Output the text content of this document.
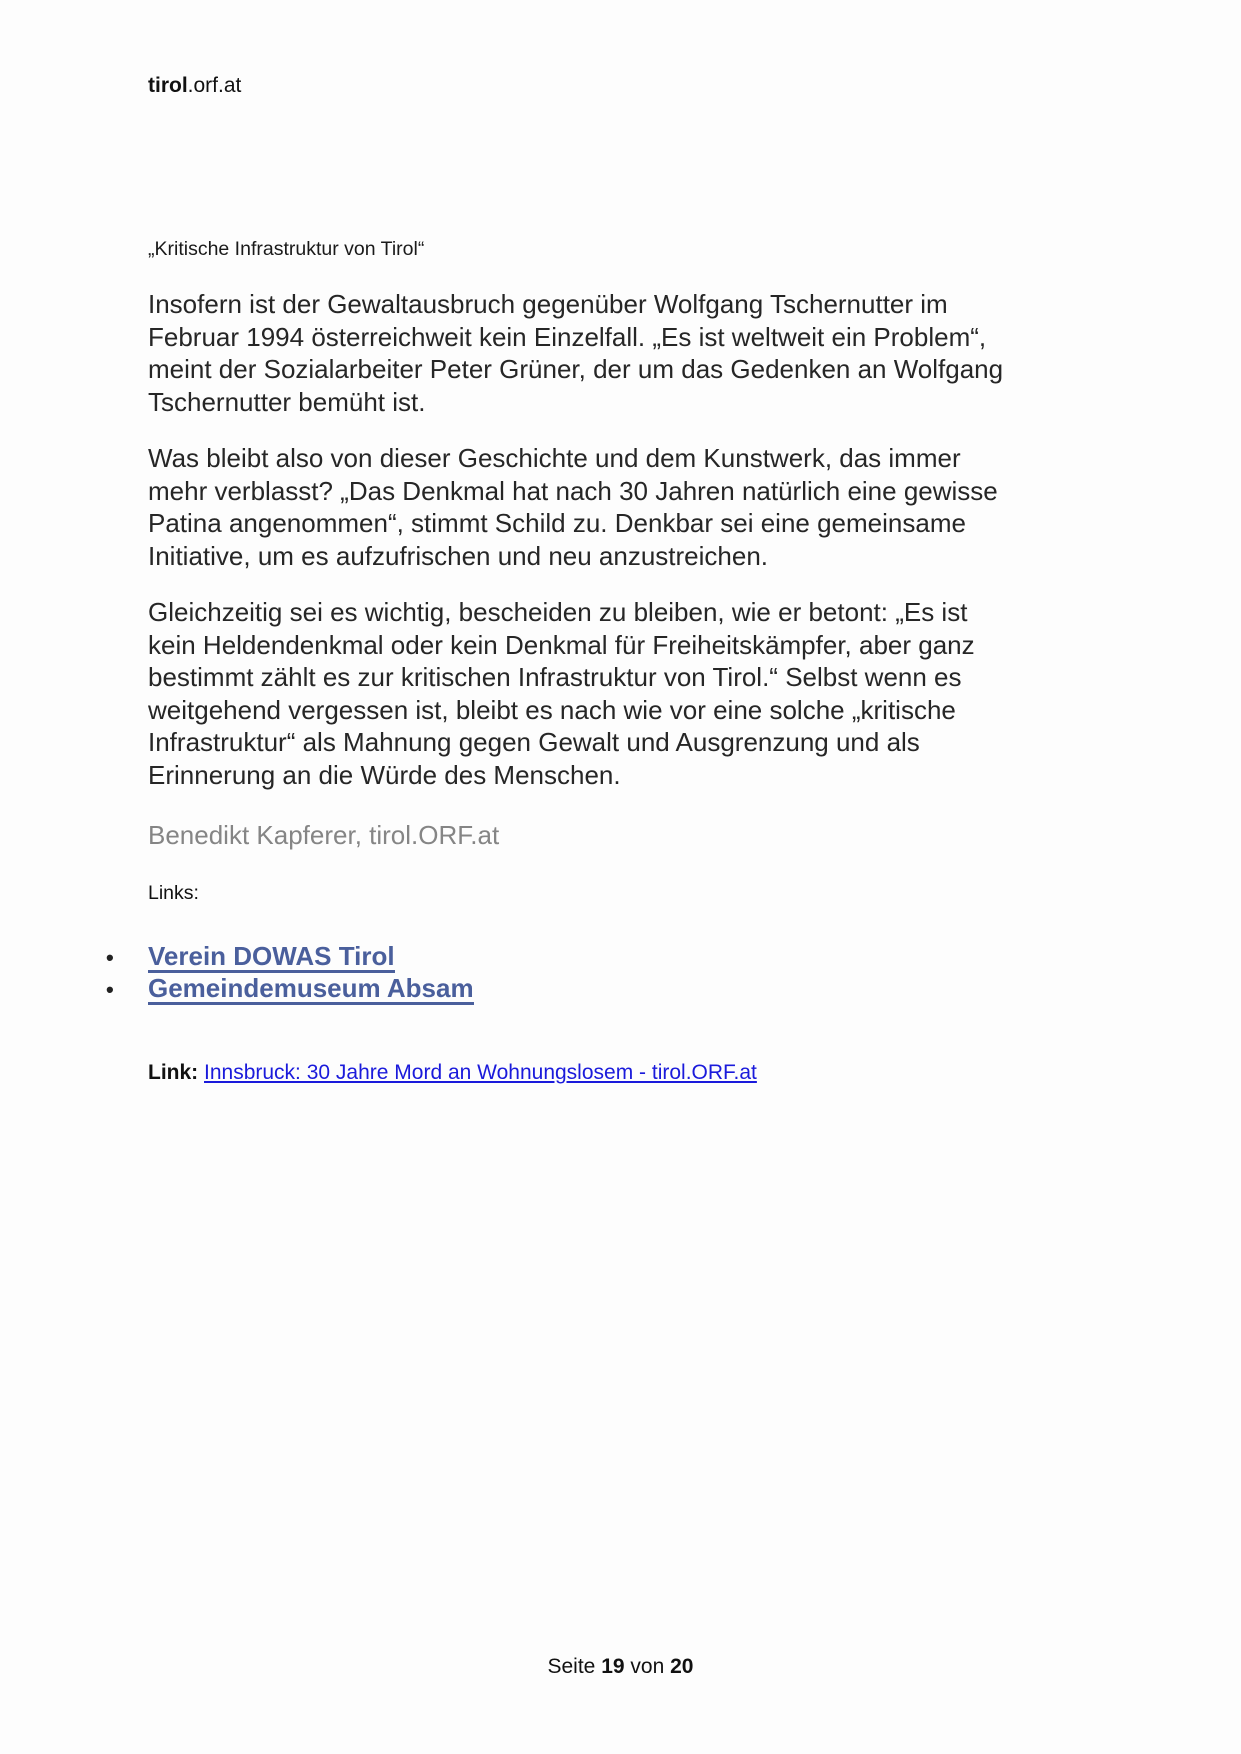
tirol.orf.at
„Kritische Infrastruktur von Tirol“
Insofern ist der Gewaltausbruch gegenüber Wolfgang Tschernutter im
Februar 1994 österreichweit kein Einzelfall. „Es ist weltweit ein Problem“,
meint der Sozialarbeiter Peter Grüner, der um das Gedenken an Wolfgang
Tschernutter bemüht ist.
Was bleibt also von dieser Geschichte und dem Kunstwerk, das immer
mehr verblasst? „Das Denkmal hat nach 30 Jahren natürlich eine gewisse
Patina angenommen“, stimmt Schild zu. Denkbar sei eine gemeinsame
Initiative, um es aufzufrischen und neu anzustreichen.
Gleichzeitig sei es wichtig, bescheiden zu bleiben, wie er betont: „Es ist
kein Heldendenkmal oder kein Denkmal für Freiheitskämpfer, aber ganz
bestimmt zählt es zur kritischen Infrastruktur von Tirol.“ Selbst wenn es
weitgehend vergessen ist, bleibt es nach wie vor eine solche „kritische
Infrastruktur“ als Mahnung gegen Gewalt und Ausgrenzung und als
Erinnerung an die Würde des Menschen.
Benedikt Kapferer, tirol.ORF.at
Links:
• Verein DOWAS Tirol
• Gemeindemuseum Absam
Link: Innsbruck: 30 Jahre Mord an Wohnungslosem - tirol.ORF.at
Seite 19 von 20
